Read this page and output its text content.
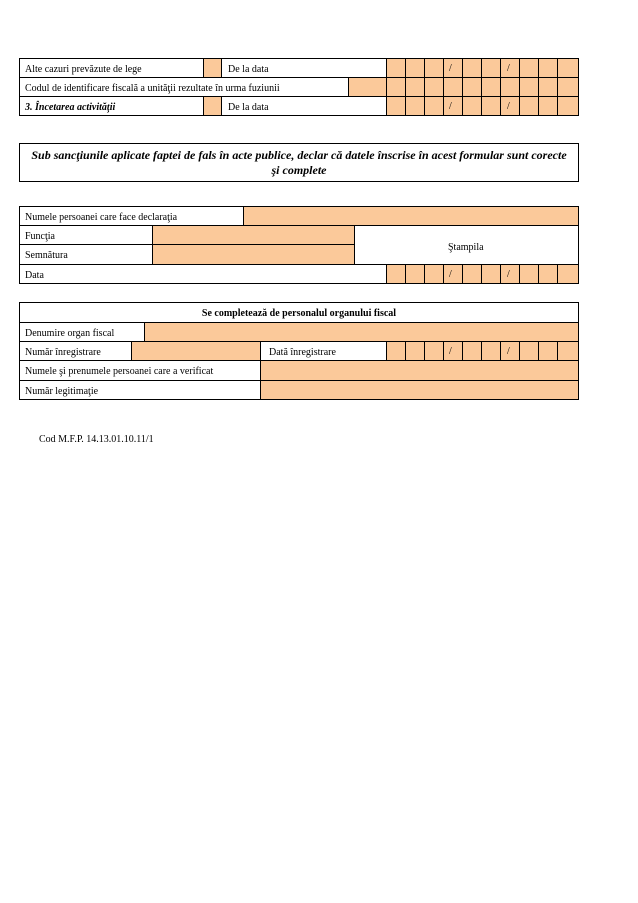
Alte cazuri prevăzute de lege	De la data	/	/
Codul de identificare fiscală a unităţii rezultate în urma fuziunii
3. Încetarea activităţii	De la data	/	/
Sub sancţiunile aplicate faptei de fals în acte publice, declar că datele înscrise în acest formular sunt corecte şi complete
Numele persoanei care face declaraţia
Funcţia
Semnătura
Ştampila
Data	/	/
Se completează de personalul organului fiscal
Denumire organ fiscal
Număr înregistrare	Dată înregistrare	/	/
Numele şi prenumele persoanei care a verificat
Număr legitimaţie
Cod M.F.P. 14.13.01.10.11/1
